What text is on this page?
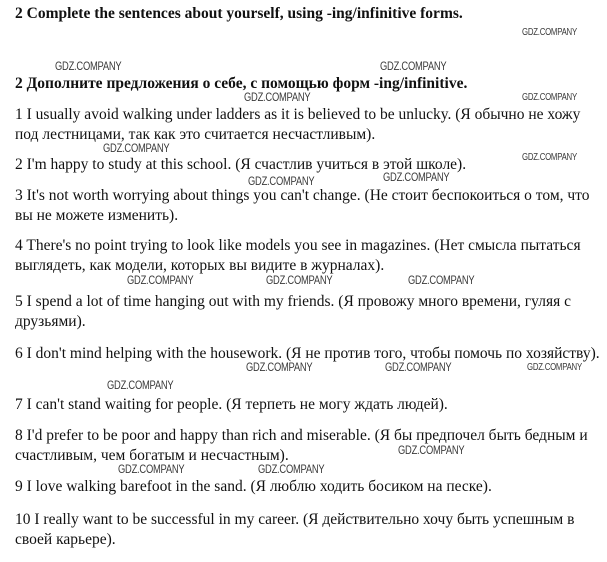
2 Complete the sentences about yourself, using -ing/infinitive forms.
2 Дополните предложения о себе, с помощью форм -ing/infinitive.

1 I usually avoid walking under ladders as it is believed to be unlucky. (Я обычно не хожу под лестницами, так как это считается несчастливым).

2 I'm happy to study at this school. (Я счастлив учиться в этой школе).

3 It's not worth worrying about things you can't change. (Не стоит беспокоиться о том, что вы не можете изменить).

4 There's no point trying to look like models you see in magazines. (Нет смысла пытаться выглядеть, как модели, которых вы видите в журналах).

5 I spend a lot of time hanging out with my friends. (Я провожу много времени, гуляя с друзьями).

6 I don't mind helping with the housework. (Я не против того, чтобы помочь по хозяйству).

7 I can't stand waiting for people. (Я терпеть не могу ждать людей).

8 I'd prefer to be poor and happy than rich and miserable. (Я бы предпочел быть бедным и счастливым, чем богатым и несчастным).

9 I love walking barefoot in the sand. (Я люблю ходить босиком на песке).

10 I really want to be successful in my career. (Я действительно хочу быть успешным в своей карьере).

GDZ.COMPANY
GDZ.COMPANY	GDZ.COMPANY
GDZ.COMPANY	GDZ.COMPANY
GDZ.COMPANY
GDZ.COMPANY
GDZ.COMPANY	GDZ.COMPANY
GDZ.COMPANY	GDZ.COMPANY	GDZ.COMPANY
GDZ.COMPANY	GDZ.COMPANY	GDZ.COMPANY
GDZ.COMPANY
GDZ.COMPANY
GDZ.COMPANY	GDZ.COMPANY
